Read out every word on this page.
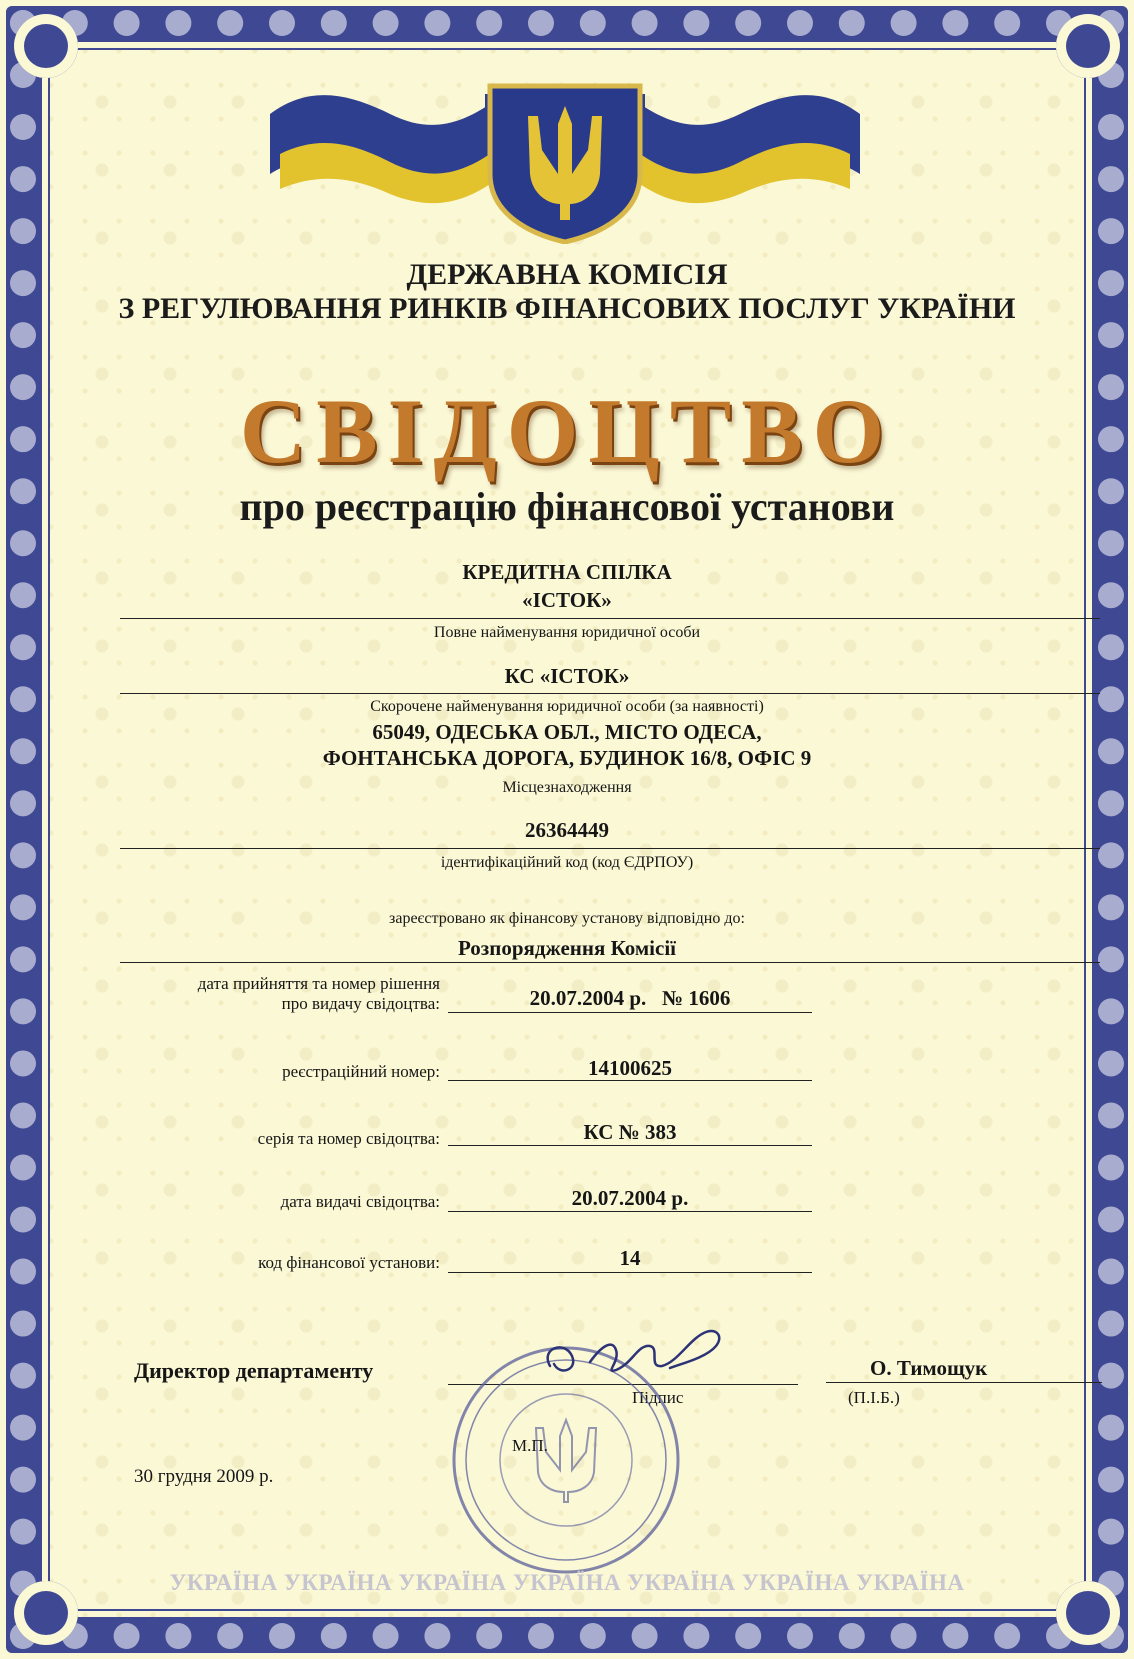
ДЕРЖАВНА КОМІСІЯ
З РЕГУЛЮВАННЯ РИНКІВ ФІНАНСОВИХ ПОСЛУГ УКРАЇНИ
СВІДОЦТВО
про реєстрацію фінансової установи
КРЕДИТНА СПІЛКА
«ІСТОК»
Повне найменування юридичної особи
КС «ІСТОК»
Скорочене найменування юридичної особи (за наявності)
65049, ОДЕСЬКА ОБЛ., МІСТО ОДЕСА,
ФОНТАНСЬКА ДОРОГА, БУДИНОК 16/8, ОФІС 9
Місцезнаходження
26364449
ідентифікаційний код (код ЄДРПОУ)
зареєстровано як фінансову установу відповідно до:
Розпорядження Комісії
дата прийняття та номер рішення
про видачу свідоцтва:	20.07.2004 р.   № 1606
реєстраційний номер:	14100625
серія та номер свідоцтва:	КС № 383
дата видачі свідоцтва:	20.07.2004 р.
код фінансової установи:	14
Директор департаменту
Підпис
О. Тимощук
(П.І.Б.)
М.П.
30 грудня 2009 р.
УКРАЇНА УКРАЇНА УКРАЇНА УКРАЇНА УКРАЇНА УКРАЇНА УКРАЇНА
